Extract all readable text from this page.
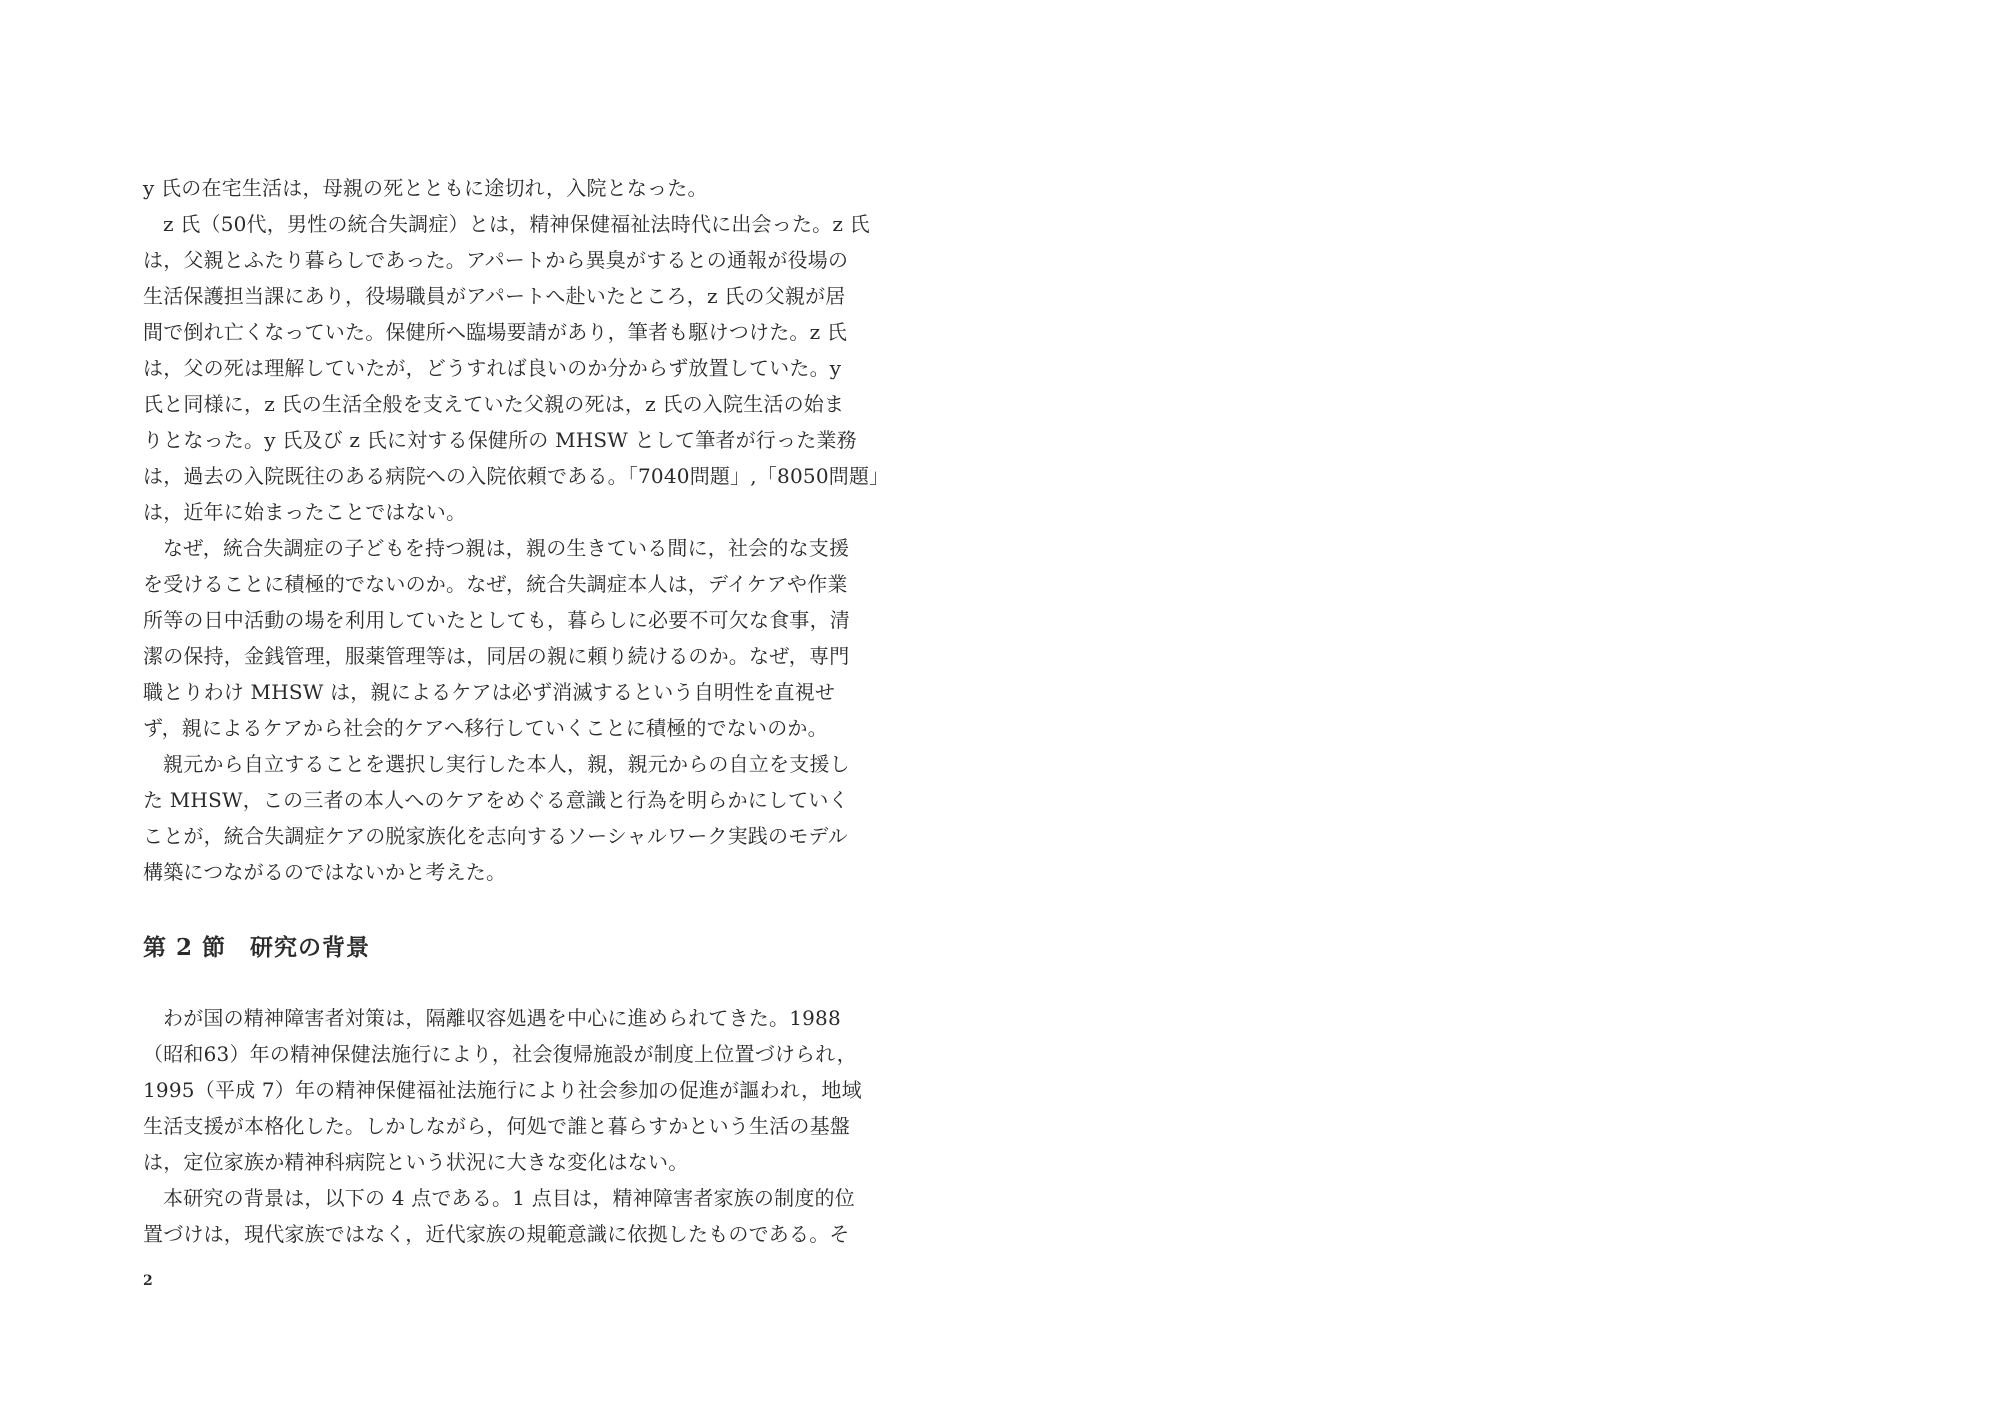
y 氏の在宅生活は，母親の死とともに途切れ，入院となった。
z 氏（50代，男性の統合失調症）とは，精神保健福祉法時代に出会った。z 氏
は，父親とふたり暮らしであった。アパートから異臭がするとの通報が役場の
生活保護担当課にあり，役場職員がアパートへ赴いたところ，z 氏の父親が居
間で倒れ亡くなっていた。保健所へ臨場要請があり，筆者も駆けつけた。z 氏
は，父の死は理解していたが，どうすれば良いのか分からず放置していた。y
氏と同様に，z 氏の生活全般を支えていた父親の死は，z 氏の入院生活の始ま
りとなった。y 氏及び z 氏に対する保健所の MHSW として筆者が行った業務
は，過去の入院既往のある病院への入院依頼である。「7040問題」,「8050問題」
は，近年に始まったことではない。
なぜ，統合失調症の子どもを持つ親は，親の生きている間に，社会的な支援
を受けることに積極的でないのか。なぜ，統合失調症本人は，デイケアや作業
所等の日中活動の場を利用していたとしても，暮らしに必要不可欠な食事，清
潔の保持，金銭管理，服薬管理等は，同居の親に頼り続けるのか。なぜ，専門
職とりわけ MHSW は，親によるケアは必ず消滅するという自明性を直視せ
ず，親によるケアから社会的ケアへ移行していくことに積極的でないのか。
親元から自立することを選択し実行した本人，親，親元からの自立を支援し
た MHSW，この三者の本人へのケアをめぐる意識と行為を明らかにしていく
ことが，統合失調症ケアの脱家族化を志向するソーシャルワーク実践のモデル
構築につながるのではないかと考えた。
第 2 節　研究の背景
わが国の精神障害者対策は，隔離収容処遇を中心に進められてきた。1988
（昭和63）年の精神保健法施行により，社会復帰施設が制度上位置づけられ，
1995（平成 7）年の精神保健福祉法施行により社会参加の促進が謳われ，地域
生活支援が本格化した。しかしながら，何処で誰と暮らすかという生活の基盤
は，定位家族か精神科病院という状況に大きな変化はない。
本研究の背景は，以下の 4 点である。1 点目は，精神障害者家族の制度的位
置づけは，現代家族ではなく，近代家族の規範意識に依拠したものである。そ
2
